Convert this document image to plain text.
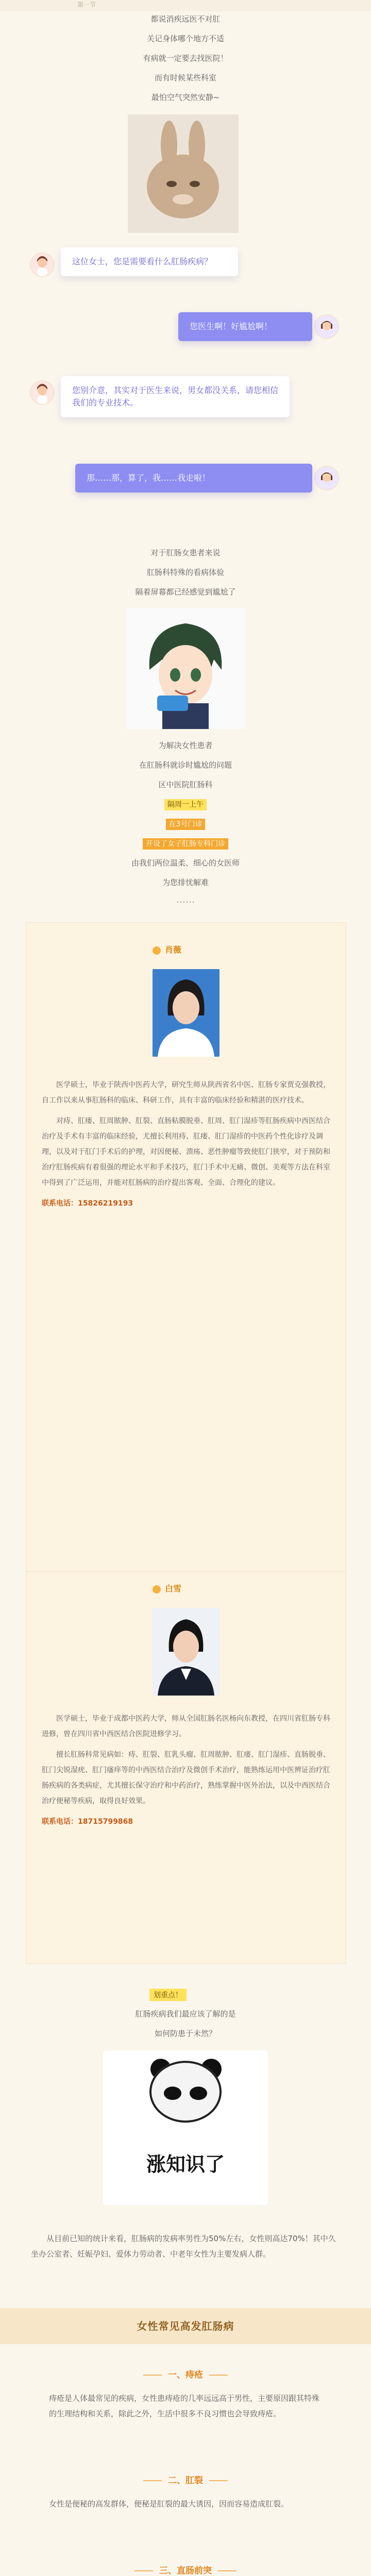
第一节

都说消疾远医不对肛

关记身体哪个地方不适

有病就一定要去找医院！

而有时候某些科室

最怕空气突然安静~

这位女士，您是需要看什么肛肠疾病？
您医生啊！好尴尬啊！
您别介意，其实对于医生来说，男女都没关系，请您相信我们的专业技术。
那……那，算了，我……我走啦！

对于肛肠女患者来说

肛肠科特殊的看病体验

隔着屏幕都已经感觉到尴尬了

为解决女性患者

在肛肠科就诊时尴尬的问题

区中医院肛肠科

隔周一上午

在3号门诊

开设了女子肛肠专科门诊

由我们两位温柔、细心的女医师

为您排忧解难

……
肖薇

医学硕士，毕业于陕西中医药大学，研究生师从陕西省名中医、肛肠专家贾克强教授，自工作以来从事肛肠科的临床、科研工作，具有丰富的临床经验和精湛的医疗技术。

对痔、肛瘘、肛周脓肿、肛裂、直肠粘膜脱垂、肛周、肛门湿疹等肛肠疾病中西医结合治疗及手术有丰富的临床经验，尤擅长利用痔、肛瘘、肛门湿疹的中医药个性化诊疗及调理，以及对于肛门手术后的护理，对因便秘、溃疡、恶性肿瘤等致使肛门狭窄，对于预防和治疗肛肠疾病有着很强的理论水平和手术技巧，肛门手术中无痛、微创、美观等方法在科室中得到了广泛运用，并能对肛肠病的治疗提出客观、全面、合理化的建议。

联系电话：15826219193

白雪

医学硕士，毕业于成都中医药大学，师从全国肛肠名医杨向东教授，在四川省肛肠专科进修，曾在四川省中西医结合医院进修学习。

擅长肛肠科常见病如：痔、肛裂、肛乳头瘤、肛周脓肿、肛瘘、肛门湿疹、直肠脱垂、肛门尖锐湿疣、肛门瘙痒等的中西医结合治疗及微创手术治疗，能熟练运用中医辨证治疗肛肠疾病的各类病症，尤其擅长保守治疗和中药治疗，熟练掌握中医外治法，以及中西医结合治疗便秘等疾病，取得良好效果。

联系电话：18715799868

划重点！

肛肠疾病我们最应该了解的是

如何防患于未然？

涨知识了

从目前已知的统计来看，肛肠病的发病率男性为50%左右，女性则高达70%！其中久坐办公室者、妊娠孕妇、爱体力劳动者、中老年女性为主要发病人群。

女性常见高发肛肠病
一、痔疮

痔疮是人体最常见的疾病，女性患痔疮的几率远远高于男性，主要原因跟其特殊的生理结构和关系，除此之外，生活中很多不良习惯也会导致痔疮。

二、肛裂

女性是便秘的高发群体，便秘是肛裂的最大诱因，因而容易造成肛裂。

三、直肠前突
